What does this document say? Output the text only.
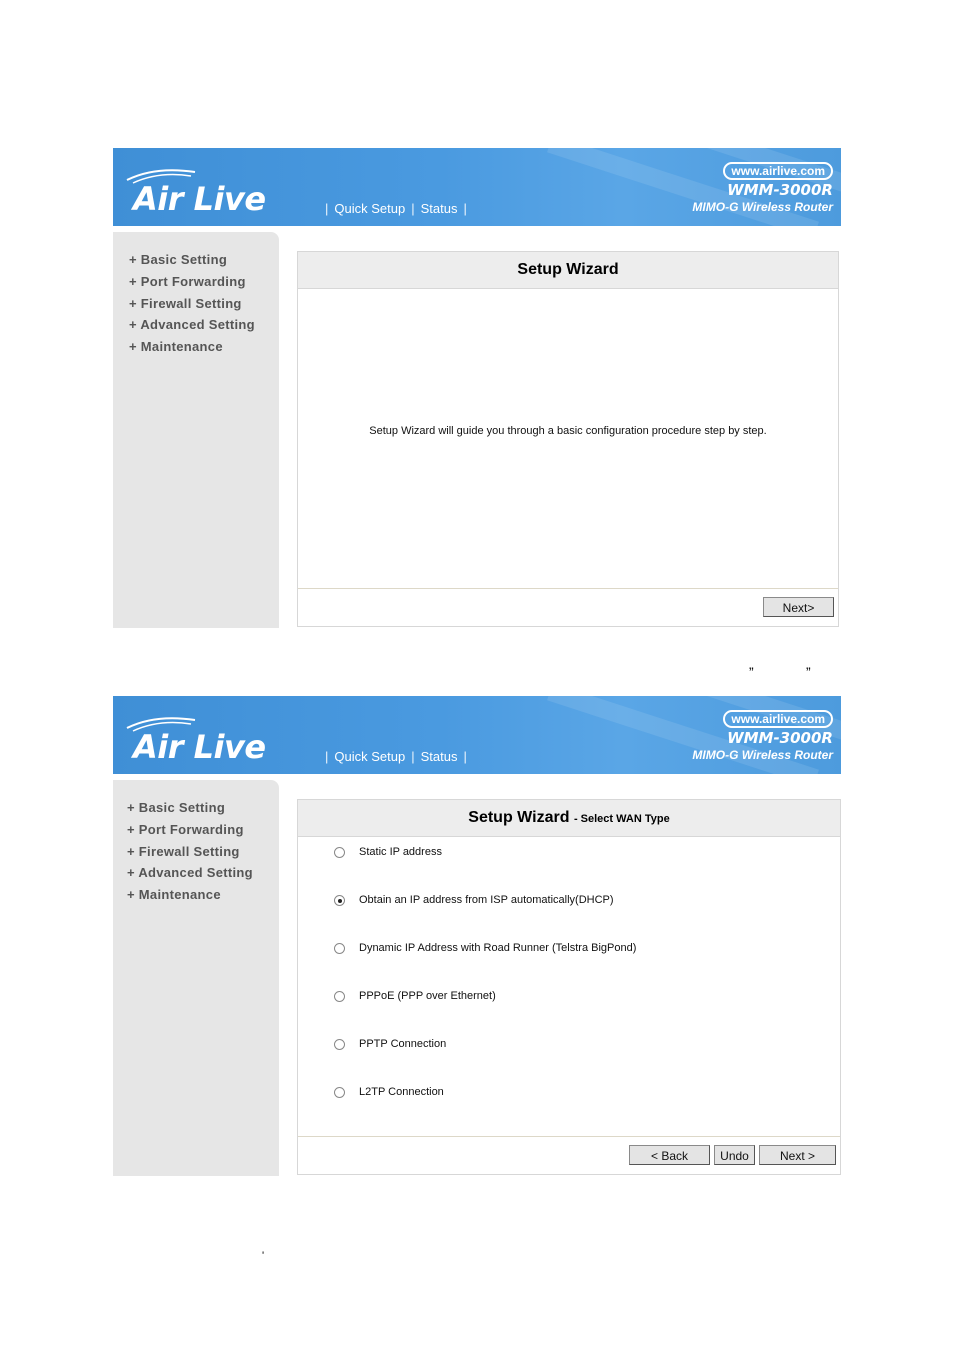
Air Live	| Quick Setup | Status |
www.airlive.com
WMM-3000R
MIMO-G Wireless Router
+ Basic Setting
+ Port Forwarding
+ Firewall Setting
+ Advanced Setting
+ Maintenance
Setup Wizard
Setup Wizard will guide you through a basic configuration procedure step by step.
Next>
”	”
Air Live	| Quick Setup | Status |
www.airlive.com
WMM-3000R
MIMO-G Wireless Router
+ Basic Setting
+ Port Forwarding
+ Firewall Setting
+ Advanced Setting
+ Maintenance
Setup Wizard - Select WAN Type
Static IP address
Obtain an IP address from ISP automatically(DHCP)
Dynamic IP Address with Road Runner (Telstra BigPond)
PPPoE (PPP over Ethernet)
PPTP Connection
L2TP Connection
< Back	Undo	Next >
'
